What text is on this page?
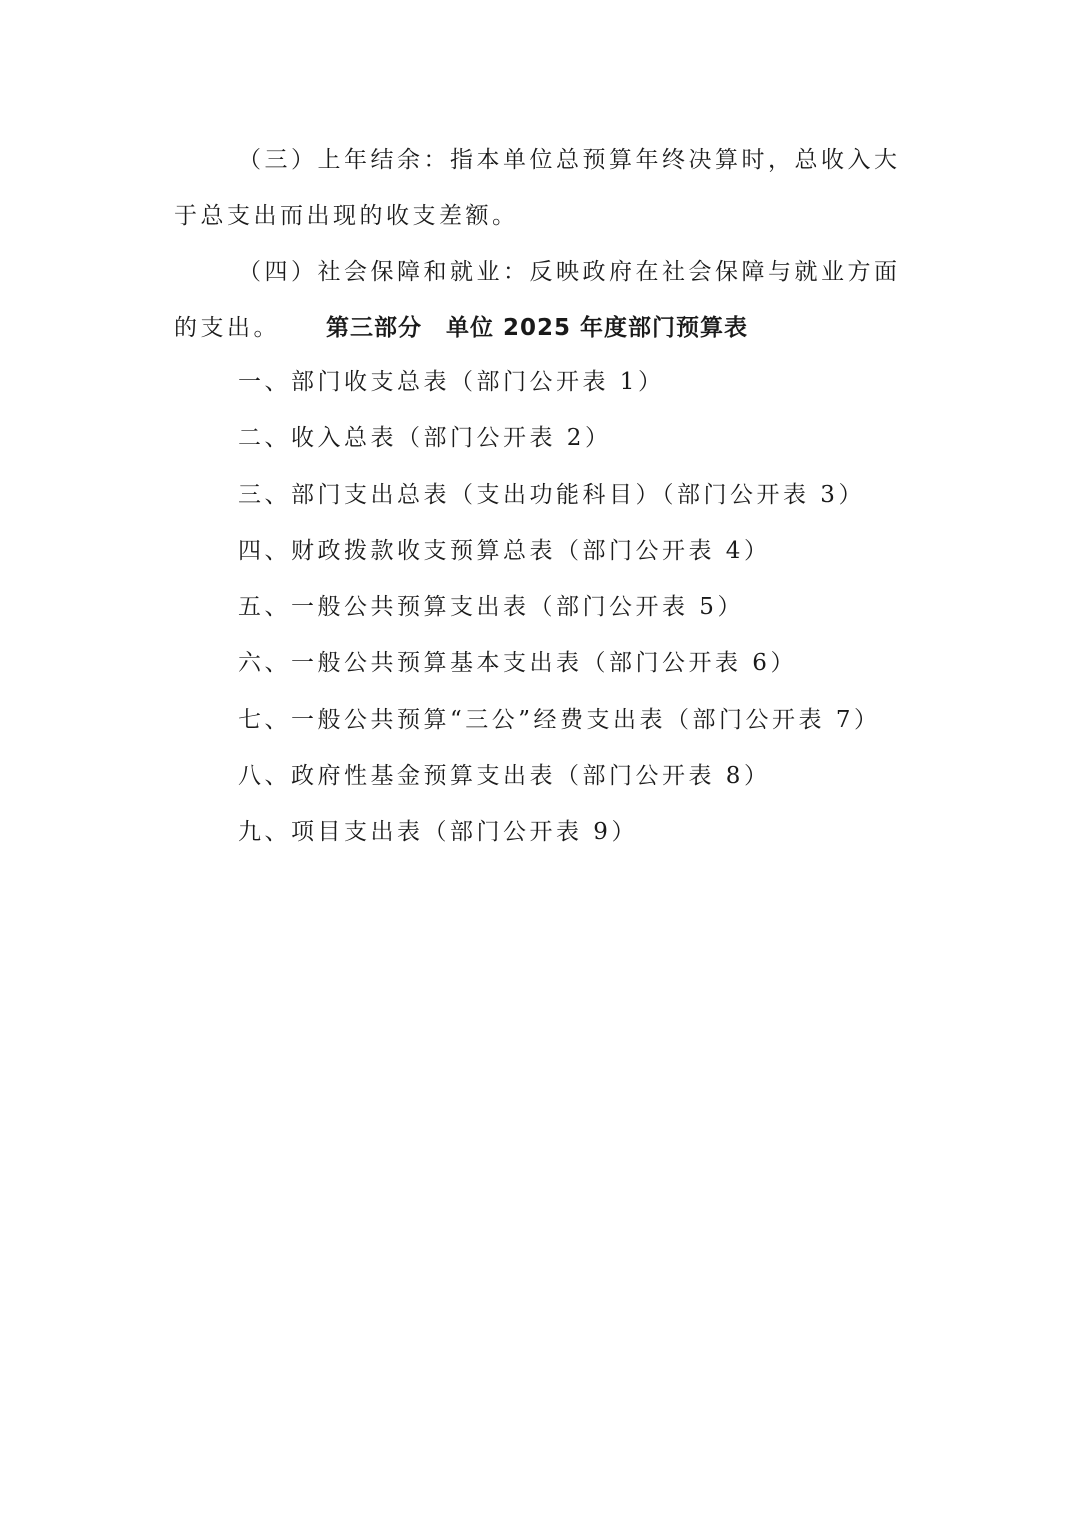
（三）上年结余：指本单位总预算年终决算时，总收入大于总支出而出现的收支差额。

（四）社会保障和就业：反映政府在社会保障与就业方面的支出。	第三部分　单位 2025 年度部门预算表
一、部门收支总表（部门公开表 1）
二、收入总表（部门公开表 2）
三、部门支出总表（支出功能科目）（部门公开表 3）
四、财政拨款收支预算总表（部门公开表 4）
五、一般公共预算支出表（部门公开表 5）
六、一般公共预算基本支出表（部门公开表 6）
七、一般公共预算“三公”经费支出表（部门公开表 7）
八、政府性基金预算支出表（部门公开表 8）
九、项目支出表（部门公开表 9）
